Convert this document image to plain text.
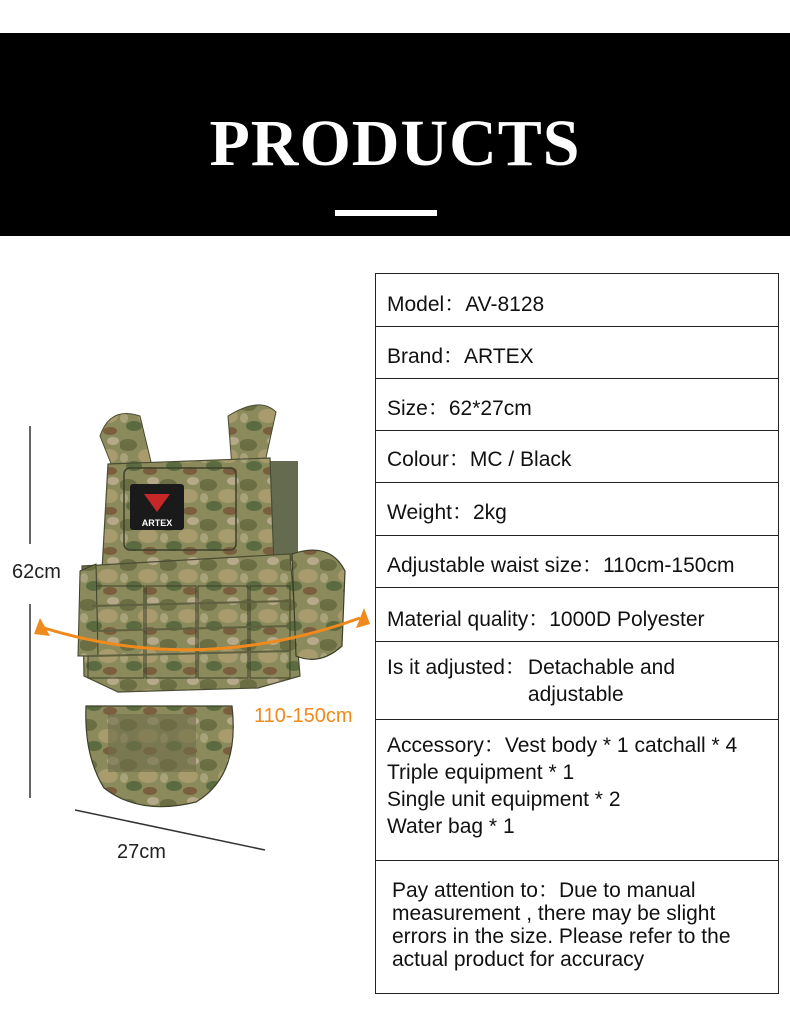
PRODUCTS
ARTEX
62cm
27cm
110-150cm
Model ： AV-8128
Brand ： ARTEX
Size ： 62*27cm
Colour ： MC / Black
Weight ： 2kg
Adjustable waist size ： 110cm-150cm
Material quality ： 1000D Polyester
Is it adjusted ： Detachable and
adjustable
Accessory ： Vest body * 1 catchall * 4
Triple equipment * 1
Single unit equipment * 2
Water bag * 1
Pay attention to ： Due to manual
measurement , there may be slight
errors in the size. Please refer to the
actual product for accuracy
